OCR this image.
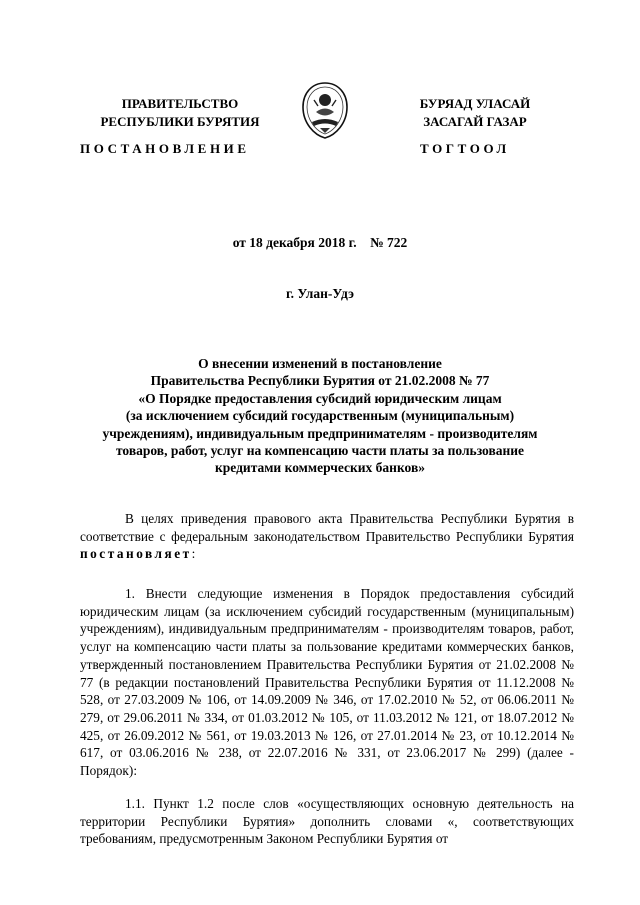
ПРАВИТЕЛЬСТВО
РЕСПУБЛИКИ БУРЯТИЯ
БУРЯАД УЛАСАЙ
ЗАСАГАЙ ГАЗАР
ПОСТАНОВЛЕНИЕ	ТОГТООЛ
от 18 декабря 2018 г.    № 722
г. Улан-Удэ
О внесении изменений в постановление
Правительства Республики Бурятия от 21.02.2008 № 77
«О Порядке предоставления субсидий юридическим лицам
(за исключением субсидий государственным (муниципальным)
учреждениям), индивидуальным предпринимателям - производителям
товаров, работ, услуг на компенсацию части платы за пользование
кредитами коммерческих банков»
В целях приведения правового акта Правительства Республики Бурятия в соответствие с федеральным законодательством Правительство Республики Бурятия постановляет:
1. Внести следующие изменения в Порядок предоставления субсидий юридическим лицам (за исключением субсидий государственным (муниципальным) учреждениям), индивидуальным предпринимателям - производителям товаров, работ, услуг на компенсацию части платы за пользование кредитами коммерческих банков, утвержденный постановлением Правительства Республики Бурятия от 21.02.2008 № 77 (в редакции постановлений Правительства Республики Бурятия от 11.12.2008 № 528, от 27.03.2009 № 106, от 14.09.2009 № 346, от 17.02.2010 № 52, от 06.06.2011 № 279, от 29.06.2011 № 334, от 01.03.2012 № 105, от 11.03.2012 № 121, от 18.07.2012 № 425, от 26.09.2012 № 561, от 19.03.2013 № 126, от 27.01.2014 № 23, от 10.12.2014 № 617, от 03.06.2016 № 238, от 22.07.2016 № 331, от 23.06.2017 № 299) (далее - Порядок):
1.1. Пункт 1.2 после слов «осуществляющих основную деятельность на территории Республики Бурятия» дополнить словами «, соответствующих требованиям, предусмотренным Законом Республики Бурятия от
